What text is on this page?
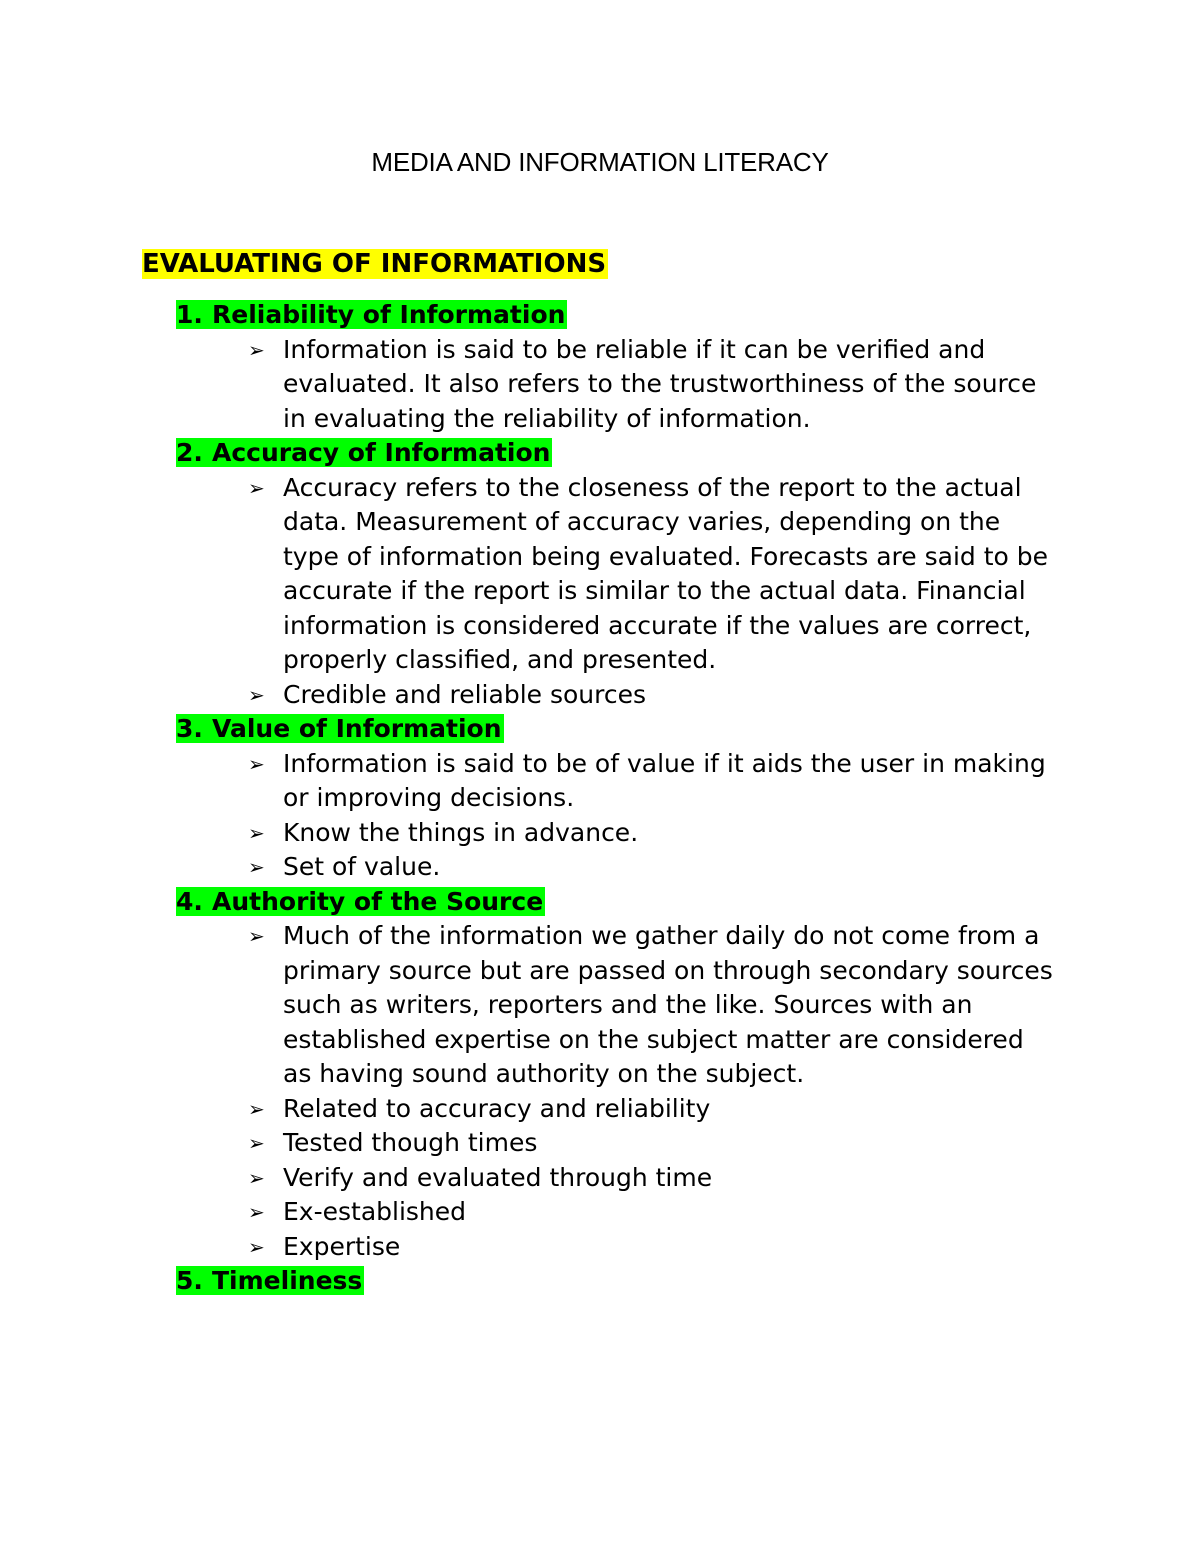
MEDIA AND INFORMATION LITERACY
EVALUATING OF INFORMATIONS
1. Reliability of Information
➢ Information is said to be reliable if it can be verified and evaluated. It also refers to the trustworthiness of the source in evaluating the reliability of information.
2. Accuracy of Information
➢ Accuracy refers to the closeness of the report to the actual data. Measurement of accuracy varies, depending on the type of information being evaluated. Forecasts are said to be accurate if the report is similar to the actual data. Financial information is considered accurate if the values are correct, properly classified, and presented.
➢ Credible and reliable sources
3. Value of Information
➢ Information is said to be of value if it aids the user in making or improving decisions.
➢ Know the things in advance.
➢ Set of value.
4. Authority of the Source
➢ Much of the information we gather daily do not come from a primary source but are passed on through secondary sources such as writers, reporters and the like. Sources with an established expertise on the subject matter are considered as having sound authority on the subject.
➢ Related to accuracy and reliability
➢ Tested though times
➢ Verify and evaluated through time
➢ Ex-established
➢ Expertise
5. Timeliness
